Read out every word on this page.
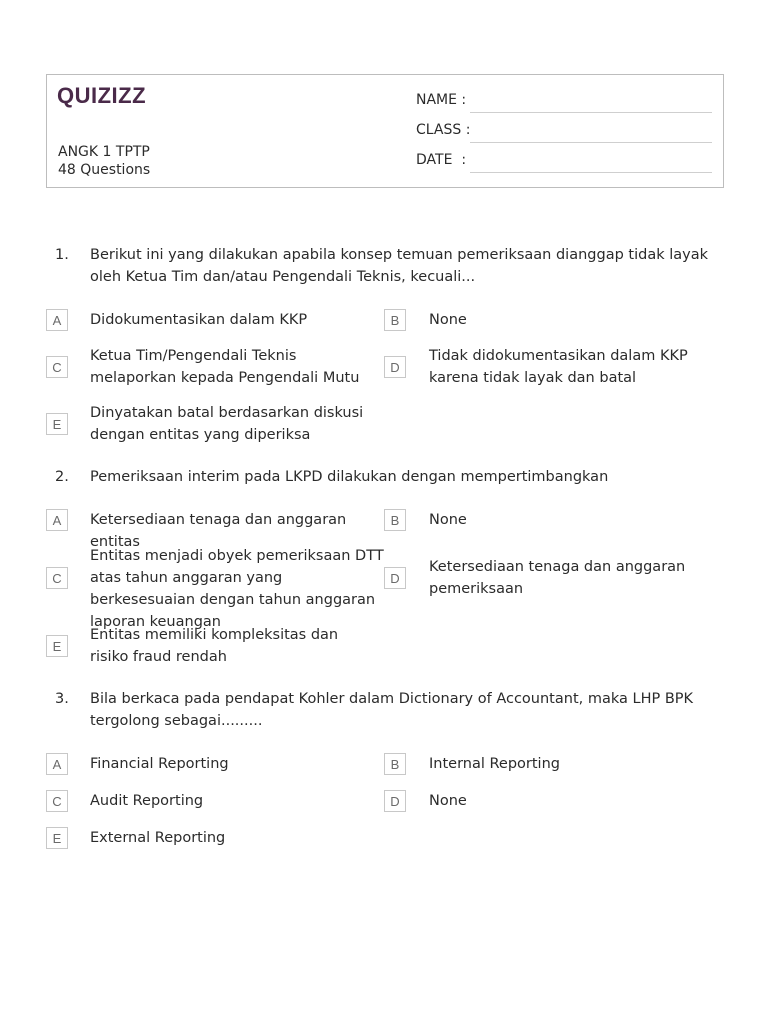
QUIZIZZ
ANGK 1 TPTP
48 Questions
NAME :
CLASS :
DATE  :
1. Berikut ini yang dilakukan apabila konsep temuan pemeriksaan dianggap tidak layak oleh Ketua Tim dan/atau Pengendali Teknis, kecuali...
A	Didokumentasikan dalam KKP	B	None
C
Ketua Tim/Pengendali Teknis melaporkan kepada Pengendali Mutu
D
Tidak didokumentasikan dalam KKP karena tidak layak dan batal
E
Dinyatakan batal berdasarkan diskusi dengan entitas yang diperiksa
2. Pemeriksaan interim pada LKPD dilakukan dengan mempertimbangkan
A	Ketersediaan tenaga dan anggaran entitas
B	None
C
Entitas menjadi obyek pemeriksaan DTT atas tahun anggaran yang berkesesuaian dengan tahun anggaran laporan keuangan
D
Ketersediaan tenaga dan anggaran pemeriksaan
E
Entitas memiliki kompleksitas dan risiko fraud rendah
3. Bila berkaca pada pendapat Kohler dalam Dictionary of Accountant, maka LHP BPK tergolong sebagai.........
A	Financial Reporting	B	Internal Reporting
C	Audit Reporting	D	None
E	External Reporting
